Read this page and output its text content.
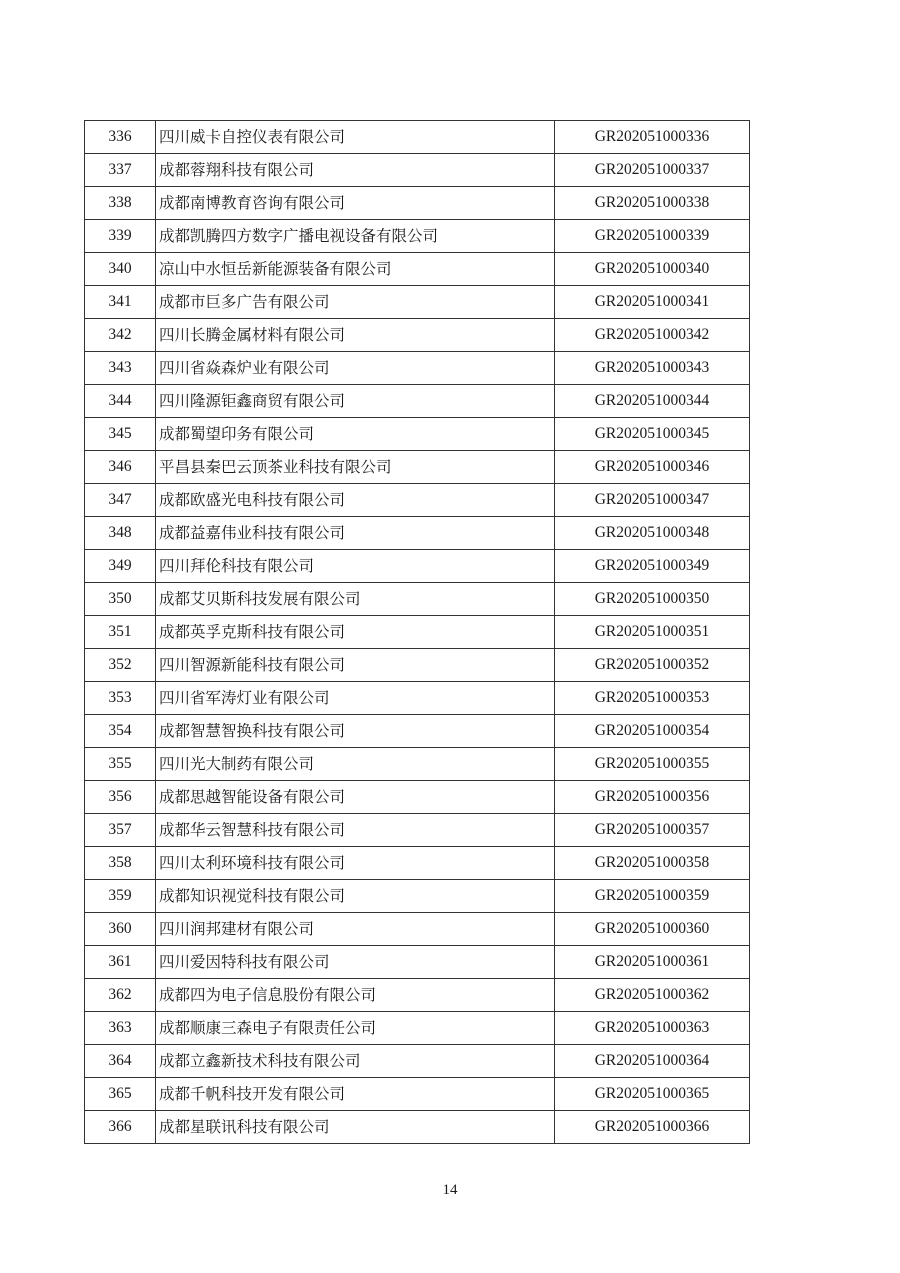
336	四川威卡自控仪表有限公司	GR202051000336
337	成都蓉翔科技有限公司	GR202051000337
338	成都南博教育咨询有限公司	GR202051000338
339	成都凯腾四方数字广播电视设备有限公司	GR202051000339
340	凉山中水恒岳新能源装备有限公司	GR202051000340
341	成都市巨多广告有限公司	GR202051000341
342	四川长腾金属材料有限公司	GR202051000342
343	四川省焱森炉业有限公司	GR202051000343
344	四川隆源钜鑫商贸有限公司	GR202051000344
345	成都蜀望印务有限公司	GR202051000345
346	平昌县秦巴云顶茶业科技有限公司	GR202051000346
347	成都欧盛光电科技有限公司	GR202051000347
348	成都益嘉伟业科技有限公司	GR202051000348
349	四川拜伦科技有限公司	GR202051000349
350	成都艾贝斯科技发展有限公司	GR202051000350
351	成都英孚克斯科技有限公司	GR202051000351
352	四川智源新能科技有限公司	GR202051000352
353	四川省军涛灯业有限公司	GR202051000353
354	成都智慧智换科技有限公司	GR202051000354
355	四川光大制药有限公司	GR202051000355
356	成都思越智能设备有限公司	GR202051000356
357	成都华云智慧科技有限公司	GR202051000357
358	四川太利环境科技有限公司	GR202051000358
359	成都知识视觉科技有限公司	GR202051000359
360	四川润邦建材有限公司	GR202051000360
361	四川爱因特科技有限公司	GR202051000361
362	成都四为电子信息股份有限公司	GR202051000362
363	成都顺康三森电子有限责任公司	GR202051000363
364	成都立鑫新技术科技有限公司	GR202051000364
365	成都千帆科技开发有限公司	GR202051000365
366	成都星联讯科技有限公司	GR202051000366
14
